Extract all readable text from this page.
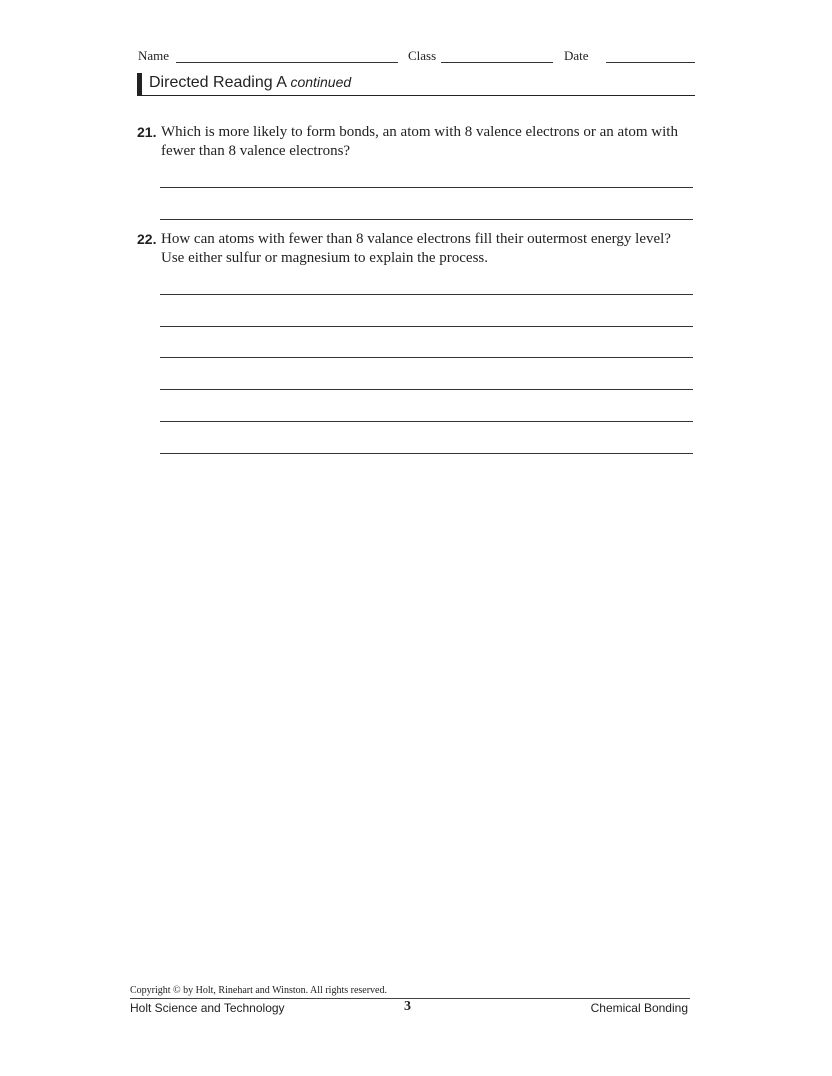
Name	Class	Date
Directed Reading A continued
21. Which is more likely to form bonds, an atom with 8 valence electrons or an atom with fewer than 8 valence electrons?
22. How can atoms with fewer than 8 valance electrons fill their outermost energy level? Use either sulfur or magnesium to explain the process.
Copyright © by Holt, Rinehart and Winston. All rights reserved.
Holt Science and Technology	3	Chemical Bonding
